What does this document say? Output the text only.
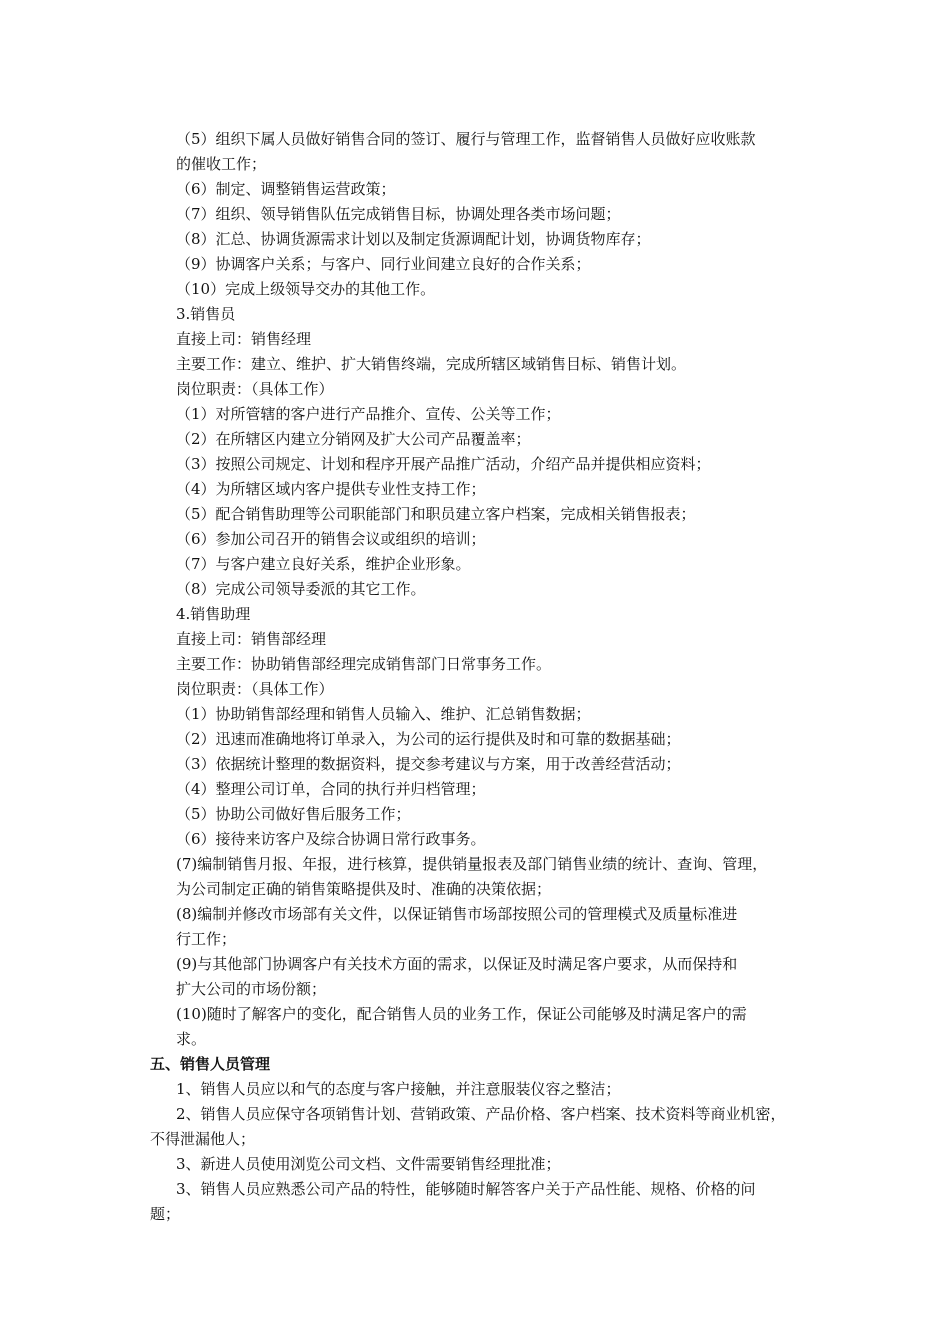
（5）组织下属人员做好销售合同的签订、履行与管理工作，监督销售人员做好应收账款
的催收工作；
（6）制定、调整销售运营政策；
（7）组织、领导销售队伍完成销售目标，协调处理各类市场问题；
（8）汇总、协调货源需求计划以及制定货源调配计划，协调货物库存；
（9）协调客户关系；与客户、同行业间建立良好的合作关系；
（10）完成上级领导交办的其他工作。
3.销售员
直接上司：销售经理
主要工作：建立、维护、扩大销售终端，完成所辖区域销售目标、销售计划。
岗位职责：（具体工作）
（1）对所管辖的客户进行产品推介、宣传、公关等工作；
（2）在所辖区内建立分销网及扩大公司产品覆盖率；
（3）按照公司规定、计划和程序开展产品推广活动，介绍产品并提供相应资料；
（4）为所辖区域内客户提供专业性支持工作；
（5）配合销售助理等公司职能部门和职员建立客户档案，完成相关销售报表；
（6）参加公司召开的销售会议或组织的培训；
（7）与客户建立良好关系，维护企业形象。
（8）完成公司领导委派的其它工作。
4.销售助理
直接上司：销售部经理
主要工作：协助销售部经理完成销售部门日常事务工作。
岗位职责：（具体工作）
（1）协助销售部经理和销售人员输入、维护、汇总销售数据；
（2）迅速而准确地将订单录入，为公司的运行提供及时和可靠的数据基础；
（3）依据统计整理的数据资料，提交参考建议与方案，用于改善经营活动；
（4）整理公司订单，合同的执行并归档管理；
（5）协助公司做好售后服务工作；
（6）接待来访客户及综合协调日常行政事务。
(7)编制销售月报、年报，进行核算，提供销量报表及部门销售业绩的统计、查询、管理，
为公司制定正确的销售策略提供及时、准确的决策依据；
(8)编制并修改市场部有关文件，以保证销售市场部按照公司的管理模式及质量标准进
行工作；
(9)与其他部门协调客户有关技术方面的需求，以保证及时满足客户要求，从而保持和
扩大公司的市场份额；
(10)随时了解客户的变化，配合销售人员的业务工作，保证公司能够及时满足客户的需
求。
五、销售人员管理
1、销售人员应以和气的态度与客户接触，并注意服装仪容之整洁；
2、销售人员应保守各项销售计划、营销政策、产品价格、客户档案、技术资料等商业机密，
不得泄漏他人；
3、新进人员使用浏览公司文档、文件需要销售经理批准；
3、销售人员应熟悉公司产品的特性，能够随时解答客户关于产品性能、规格、价格的问
题；
